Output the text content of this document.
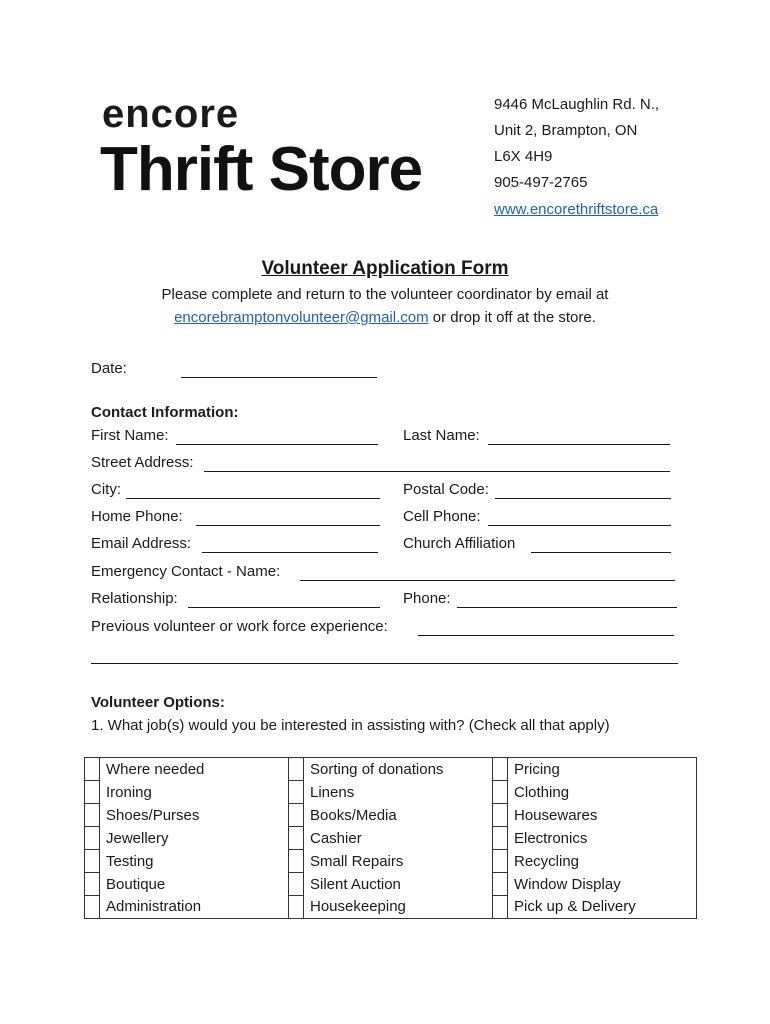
encore
Thrift Store
9446 McLaughlin Rd. N.,
Unit 2, Brampton, ON
L6X 4H9
905-497-2765
www.encorethriftstore.ca
Volunteer Application Form
Please complete and return to the volunteer coordinator by email at
encorebramptonvolunteer@gmail.com or drop it off at the store.
Date:
Contact Information:
First Name:	Last Name:
Street Address:
City:	Postal Code:
Home Phone:	Cell Phone:
Email Address:	Church Affiliation
Emergency Contact - Name:
Relationship:	Phone:
Previous volunteer or work force experience:
Volunteer Options:
1. What job(s) would you be interested in assisting with? (Check all that apply)
	Where needed		Sorting of donations		Pricing
	Ironing		Linens		Clothing
	Shoes/Purses		Books/Media		Housewares
	Jewellery		Cashier		Electronics
	Testing		Small Repairs		Recycling
	Boutique		Silent Auction		Window Display
	Administration		Housekeeping		Pick up & Delivery
